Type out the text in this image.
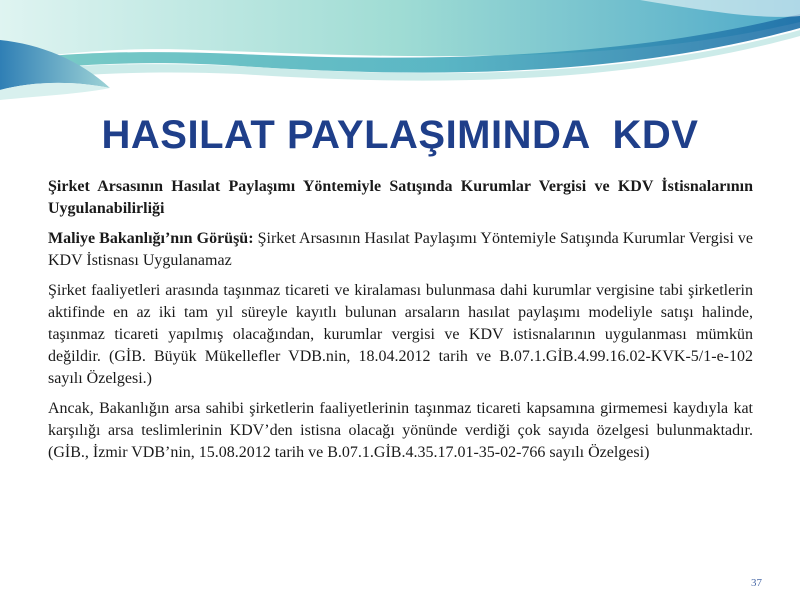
HASILAT PAYLAŞIMINDA  KDV

Şirket Arsasının Hasılat Paylaşımı Yöntemiyle Satışında Kurumlar Vergisi ve KDV İstisnalarının Uygulanabilirliği

Maliye Bakanlığı’nın Görüşü: Şirket Arsasının Hasılat Paylaşımı Yöntemiyle Satışında Kurumlar Vergisi ve KDV İstisnası Uygulanamaz

Şirket faaliyetleri arasında taşınmaz ticareti ve kiralaması bulunmasa dahi kurumlar vergisine tabi şirketlerin aktifinde en az iki tam yıl süreyle kayıtlı bulunan arsaların hasılat paylaşımı modeliyle satışı halinde, taşınmaz ticareti yapılmış olacağından, kurumlar vergisi ve KDV istisnalarının uygulanması mümkün değildir. (GİB. Büyük Mükellefler VDB.nin, 18.04.2012 tarih ve B.07.1.GİB.4.99.16.02-KVK-5/1-e-102 sayılı Özelgesi.)

Ancak, Bakanlığın arsa sahibi şirketlerin faaliyetlerinin taşınmaz ticareti kapsamına girmemesi kaydıyla kat karşılığı arsa teslimlerinin KDV’den istisna olacağı yönünde verdiği çok sayıda özelgesi bulunmaktadır. (GİB., İzmir VDB’nin, 15.08.2012 tarih ve B.07.1.GİB.4.35.17.01-35-02-766 sayılı Özelgesi)

37
